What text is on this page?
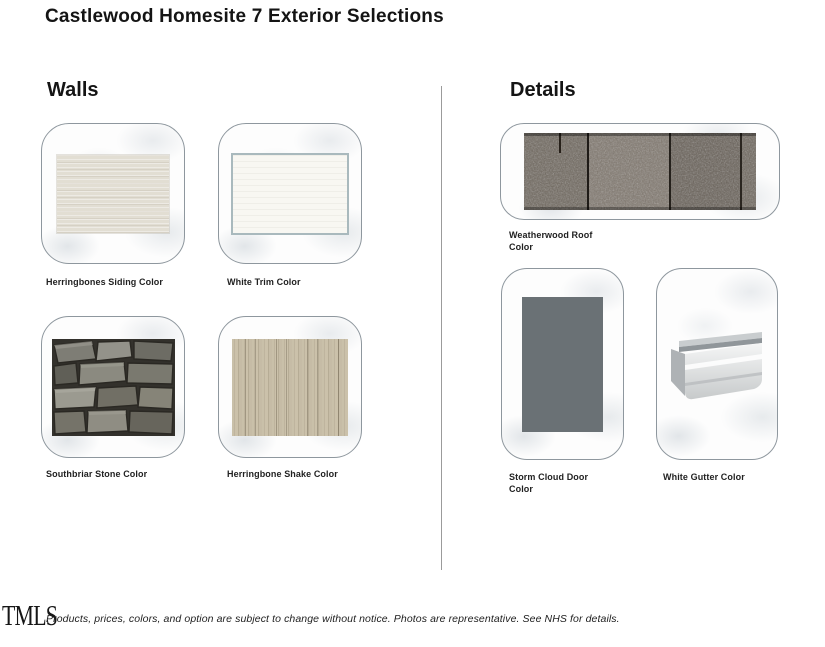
Castlewood Homesite 7 Exterior Selections
Walls	Details
Herringbones Siding Color	White Trim Color
Southbriar Stone Color	Herringbone Shake Color
Weatherwood Roof Color
Storm Cloud Door Color
White Gutter Color
TMLS
Products, prices, colors, and option are subject to change without notice. Photos are representative. See NHS for details.
